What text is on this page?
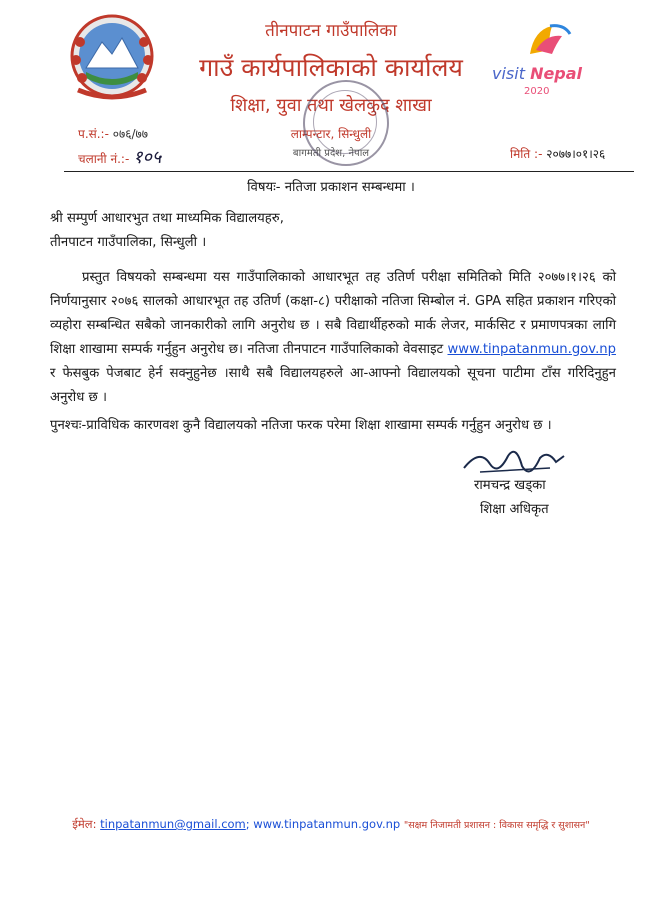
तीनपाटन गाउँपालिका
गाउँ कार्यपालिकाको कार्यालय
शिक्षा, युवा तथा खेलकुद शाखा
लाम्पन्टार, सिन्धुली
बागमती प्रदेश, नेपाल
visit Nepal
2020
प.सं.:- ०७६/७७
चलानी नं.:- १०५	मिति :- २०७७।०१।२६
विषयः- नतिजा प्रकाशन सम्बन्धमा ।
श्री सम्पुर्ण आधारभुत तथा माध्यमिक विद्यालयहरु,
तीनपाटन गाउँपालिका, सिन्धुली ।
प्रस्तुत विषयको सम्बन्धमा यस गाउँपालिकाको आधारभूत तह उतिर्ण परीक्षा समितिको मिति २०७७।१।२६ को निर्णयानुसार २०७६ सालको आधारभूत तह उतिर्ण (कक्षा-८) परीक्षाको नतिजा सिम्बोल नं. GPA सहित प्रकाशन गरिएको व्यहोरा सम्बन्धित सबैको जानकारीको लागि अनुरोध छ । सबै विद्यार्थीहरुको मार्क लेजर, मार्कसिट र प्रमाणपत्रका लागि शिक्षा शाखामा सम्पर्क गर्नुहुन अनुरोध छ। नतिजा तीनपाटन गाउँपालिकाको वेवसाइट www.tinpatanmun.gov.np र फेसबुक पेजबाट हेर्न सक्नुहुनेछ ।साथै सबै विद्यालयहरुले आ-आफ्नो विद्यालयको सूचना पाटीमा टाँस गरिदिनुहुन अनुरोध छ ।
पुनश्चः-प्राविधिक कारणवश कुनै विद्यालयको नतिजा फरक परेमा शिक्षा शाखामा सम्पर्क गर्नुहुन अनुरोध छ ।
रामचन्द्र खड्का
शिक्षा अधिकृत
ईमेल: tinpatanmun@gmail.com; www.tinpatanmun.gov.np "सक्षम निजामती प्रशासन : विकास समृद्धि र सुशासन"
